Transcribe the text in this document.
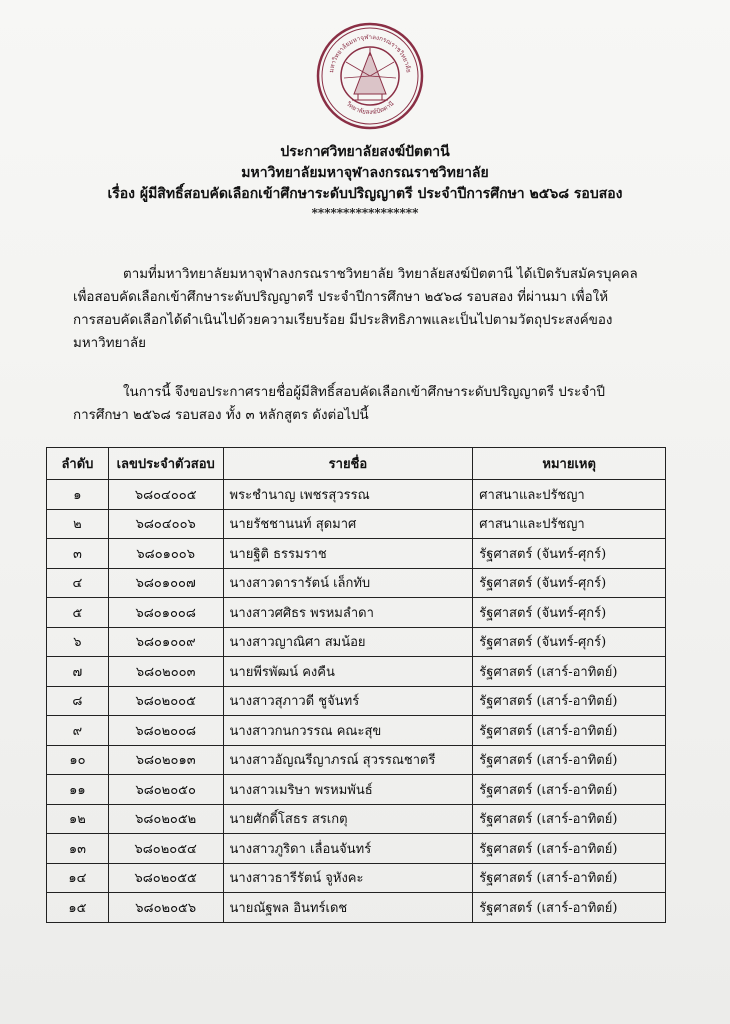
มหาวิทยาลัยมหาจุฬาลงกรณราชวิทยาลัย
วิทยาลัยสงฆ์ปัตตานี
ประกาศวิทยาลัยสงฆ์ปัตตานี
มหาวิทยาลัยมหาจุฬาลงกรณราชวิทยาลัย
เรื่อง ผู้มีสิทธิ์สอบคัดเลือกเข้าศึกษาระดับปริญญาตรี ประจำปีการศึกษา ๒๕๖๘ รอบสอง
*****************
ตามที่มหาวิทยาลัยมหาจุฬาลงกรณราชวิทยาลัย วิทยาลัยสงฆ์ปัตตานี ได้เปิดรับสมัครบุคคล
เพื่อสอบคัดเลือกเข้าศึกษาระดับปริญญาตรี ประจำปีการศึกษา ๒๕๖๘ รอบสอง ที่ผ่านมา เพื่อให้
การสอบคัดเลือกได้ดำเนินไปด้วยความเรียบร้อย มีประสิทธิภาพและเป็นไปตามวัตถุประสงค์ของ
มหาวิทยาลัย
ในการนี้ จึงขอประกาศรายชื่อผู้มีสิทธิ์สอบคัดเลือกเข้าศึกษาระดับปริญญาตรี ประจำปี
การศึกษา ๒๕๖๘ รอบสอง ทั้ง ๓ หลักสูตร ดังต่อไปนี้
ลำดับ	เลขประจำตัวสอบ	รายชื่อ	หมายเหตุ
๑	๖๘๐๔๐๐๕	พระชำนาญ เพชรสุวรรณ	ศาสนาและปรัชญา
๒	๖๘๐๔๐๐๖	นายรัชชานนท์ สุดมาศ	ศาสนาและปรัชญา
๓	๖๘๐๑๐๐๖	นายฐิติ ธรรมราช	รัฐศาสตร์ (จันทร์-ศุกร์)
๔	๖๘๐๑๐๐๗	นางสาวดารารัตน์ เล็กทับ	รัฐศาสตร์ (จันทร์-ศุกร์)
๕	๖๘๐๑๐๐๘	นางสาวศศิธร พรหมลำดา	รัฐศาสตร์ (จันทร์-ศุกร์)
๖	๖๘๐๑๐๐๙	นางสาวญาณิศา สมน้อย	รัฐศาสตร์ (จันทร์-ศุกร์)
๗	๖๘๐๒๐๐๓	นายพีรพัฒน์ คงคืน	รัฐศาสตร์ (เสาร์-อาทิตย์)
๘	๖๘๐๒๐๐๕	นางสาวสุภาวดี ชูจันทร์	รัฐศาสตร์ (เสาร์-อาทิตย์)
๙	๖๘๐๒๐๐๘	นางสาวกนกวรรณ คณะสุข	รัฐศาสตร์ (เสาร์-อาทิตย์)
๑๐	๖๘๐๒๐๑๓	นางสาวอัญณรีญาภรณ์ สุวรรณชาตรี	รัฐศาสตร์ (เสาร์-อาทิตย์)
๑๑	๖๘๐๒๐๕๐	นางสาวเมริษา พรหมพันธ์	รัฐศาสตร์ (เสาร์-อาทิตย์)
๑๒	๖๘๐๒๐๕๒	นายศักดิ์โสธร สรเกตุ	รัฐศาสตร์ (เสาร์-อาทิตย์)
๑๓	๖๘๐๒๐๕๔	นางสาวภูริดา เลื่อนจันทร์	รัฐศาสตร์ (เสาร์-อาทิตย์)
๑๔	๖๘๐๒๐๕๕	นางสาวธารีรัตน์ จูหังคะ	รัฐศาสตร์ (เสาร์-อาทิตย์)
๑๕	๖๘๐๒๐๕๖	นายณัฐพล อินทร์เดช	รัฐศาสตร์ (เสาร์-อาทิตย์)
